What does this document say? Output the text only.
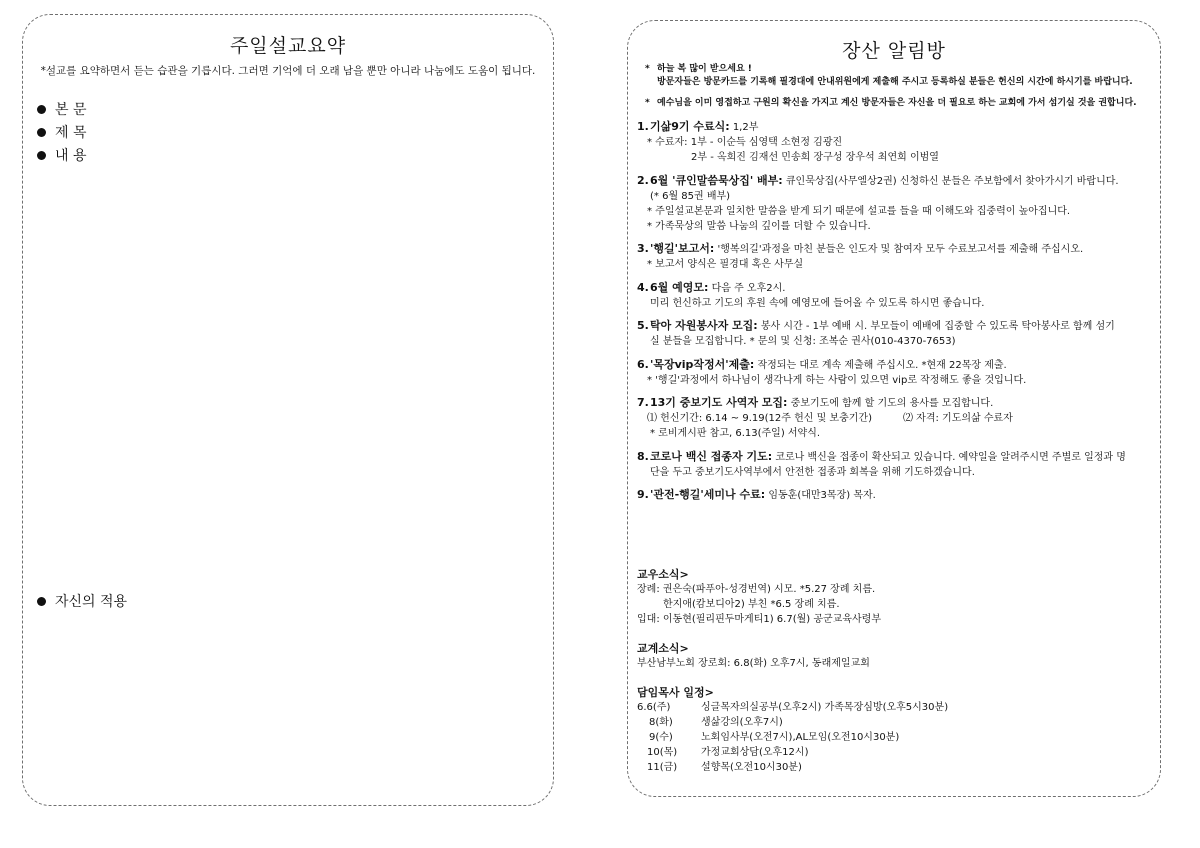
주일설교요약
*설교를 요약하면서 듣는 습관을 기릅시다. 그러면 기억에 더 오래 남을 뿐만 아니라 나눔에도 도움이 됩니다.
본 문
제 목
내 용
자신의 적용
장산 알림방
* 하늘 복 많이 받으세요 !
방문자들은 방문카드를 기록해 필경대에 안내위원에게 제출해 주시고 등록하실 분들은 헌신의 시간에 하시기를 바랍니다.
* 예수님을 이미 영접하고 구원의 확신을 가지고 계신 방문자들은 자신을 더 필요로 하는 교회에 가서 섬기실 것을 권합니다.
1. 기삶9기 수료식: 1,2부
* 수료자: 1부 - 이순득 심영택 소현정 김광진
2부 - 옥희진 김재선 민송희 장구성 장우석 최연희 이범열
2. 6월 '큐인말씀묵상집' 배부: 큐인묵상집(사무엘상2권) 신청하신 분들은 주보함에서 찾아가시기 바랍니다.
(* 6월 85권 배부)
* 주일설교본문과 일치한 말씀을 받게 되기 때문에 설교를 들을 때 이해도와 집중력이 높아집니다.
* 가족묵상의 말씀 나눔의 깊이를 더할 수 있습니다.
3. '행길'보고서: '행복의길'과정을 마친 분들은 인도자 및 참여자 모두 수료보고서를 제출해 주십시오.
* 보고서 양식은 필경대 혹은 사무실
4. 6월 예영모: 다음 주 오후2시.
미리 헌신하고 기도의 후원 속에 예영모에 들어올 수 있도록 하시면 좋습니다.
5. 탁아 자원봉사자 모집: 봉사 시간 - 1부 예배 시. 부모들이 예배에 집중할 수 있도록 탁아봉사로 함께 섬기
실 분들을 모집합니다. * 문의 및 신청: 조복순 권사(010-4370-7653)
6. '목장vip작정서'제출: 작정되는 대로 계속 제출해 주십시오. *현재 22목장 제출.
* '행길'과정에서 하나님이 생각나게 하는 사람이 있으면 vip로 작정해도 좋을 것입니다.
7. 13기 중보기도 사역자 모집: 중보기도에 함께 할 기도의 용사를 모집합니다.
⑴ 헌신기간: 6.14 ~ 9.19(12주 헌신 및 보충기간)	⑵ 자격: 기도의삶 수료자
* 로비게시판 참고, 6.13(주일) 서약식.
8. 코로나 백신 접종자 기도: 코로나 백신을 접종이 확산되고 있습니다. 예약일을 알려주시면 주별로 일정과 명
단을 두고 중보기도사역부에서 안전한 접종과 회복을 위해 기도하겠습니다.
9. '관전-행길'세미나 수료: 임동훈(대만3목장) 목자.
교우소식>
장례: 권은숙(파푸아-성경번역) 시모. *5.27 장례 치름.
한지애(캄보디아2) 부친 *6.5 장례 치름.
입대: 이동현(필리핀두마게티1) 6.7(월) 공군교육사령부
교계소식>
부산남부노회 장로회: 6.8(화) 오후7시, 동래제일교회
담임목사 일정>
6.6(주)	싱글목자의실공부(오후2시) 가족목장심방(오후5시30분)
8(화)	생삶강의(오후7시)
9(수)	노회임사부(오전7시),AL모임(오전10시30분)
10(목)	가정교회상담(오후12시)
11(금)	설향목(오전10시30분)
